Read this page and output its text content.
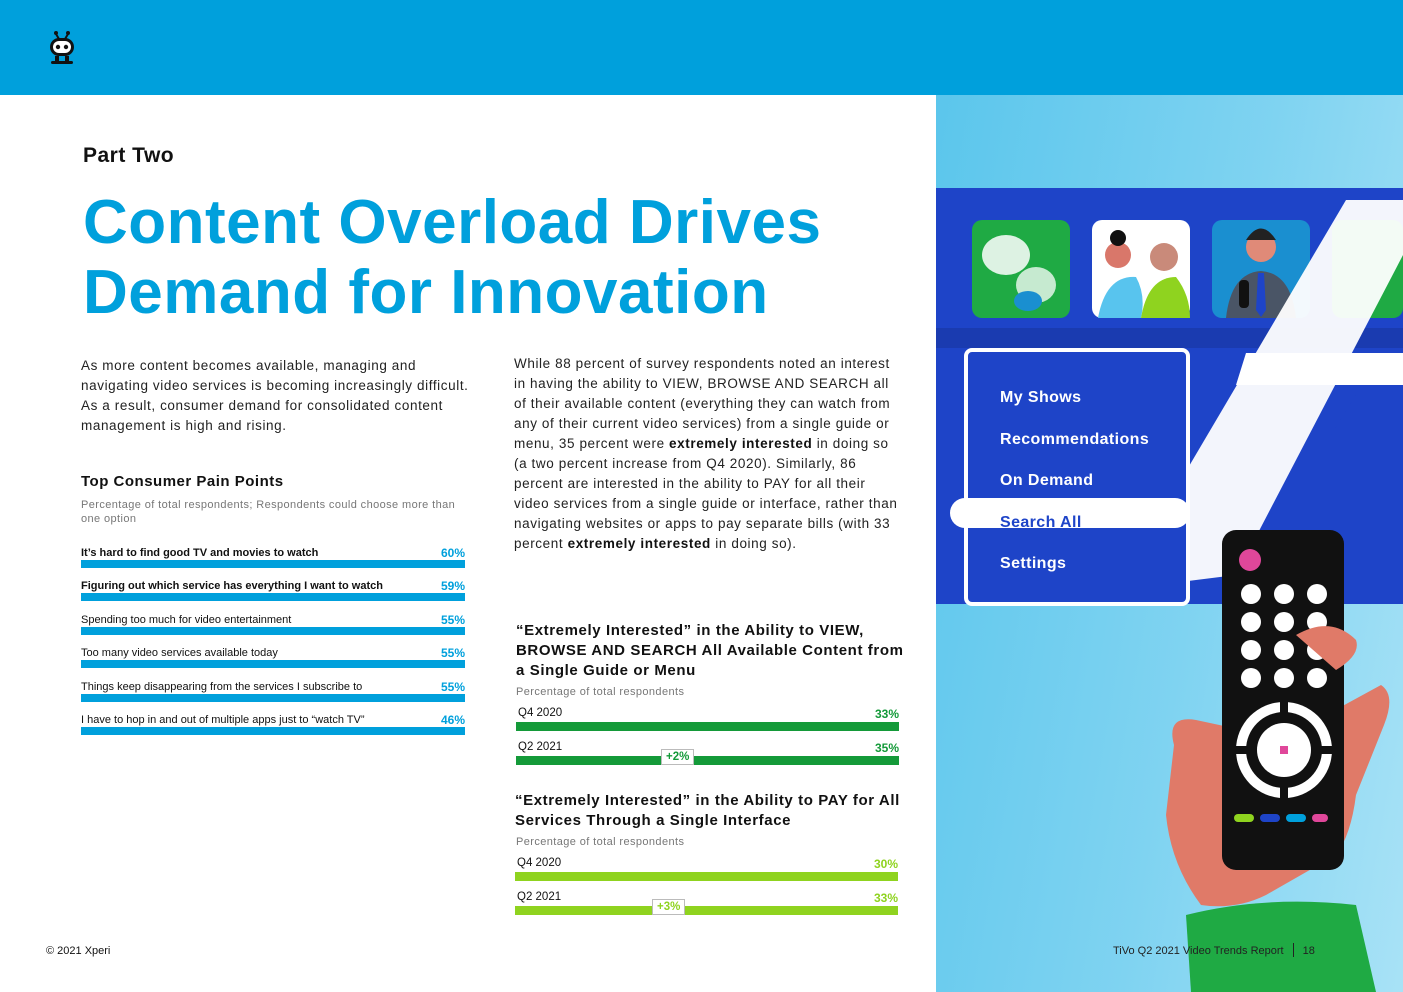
My Shows
Recommendations
On Demand
Search All
Settings
Part Two
Content Overload Drives
Demand for Innovation
As more content becomes available, managing and navigating video services is becoming increasingly difficult. As a result, consumer demand for consolidated content management is high and rising.
While 88 percent of survey respondents noted an interest in having the ability to VIEW, BROWSE AND SEARCH all of their available content (everything they can watch from any of their current video services) from a single guide or menu, 35 percent were extremely interested in doing so (a two percent increase from Q4 2020). Similarly, 86 percent are interested in the ability to PAY for all their video services from a single guide or interface, rather than navigating websites or apps to pay separate bills (with 33 percent extremely interested in doing so).
Top Consumer Pain Points
Percentage of total respondents; Respondents could choose more than one option
It’s hard to find good TV and movies to watch	60%
Figuring out which service has everything I want to watch	59%
Spending too much for video entertainment	55%
Too many video services available today	55%
Things keep disappearing from the services I subscribe to	55%
I have to hop in and out of multiple apps just to “watch TV”	46%
“Extremely Interested” in the Ability to VIEW, BROWSE AND SEARCH All Available Content from a Single Guide or Menu
Percentage of total respondents
Q4 2020	33%
Q2 2021	35%
+2%
“Extremely Interested” in the Ability to PAY for All Services Through a Single Interface
Percentage of total respondents
Q4 2020	30%
Q2 2021	33%
+3%
© 2021 Xperi	TiVo Q2 2021 Video Trends Report 18
